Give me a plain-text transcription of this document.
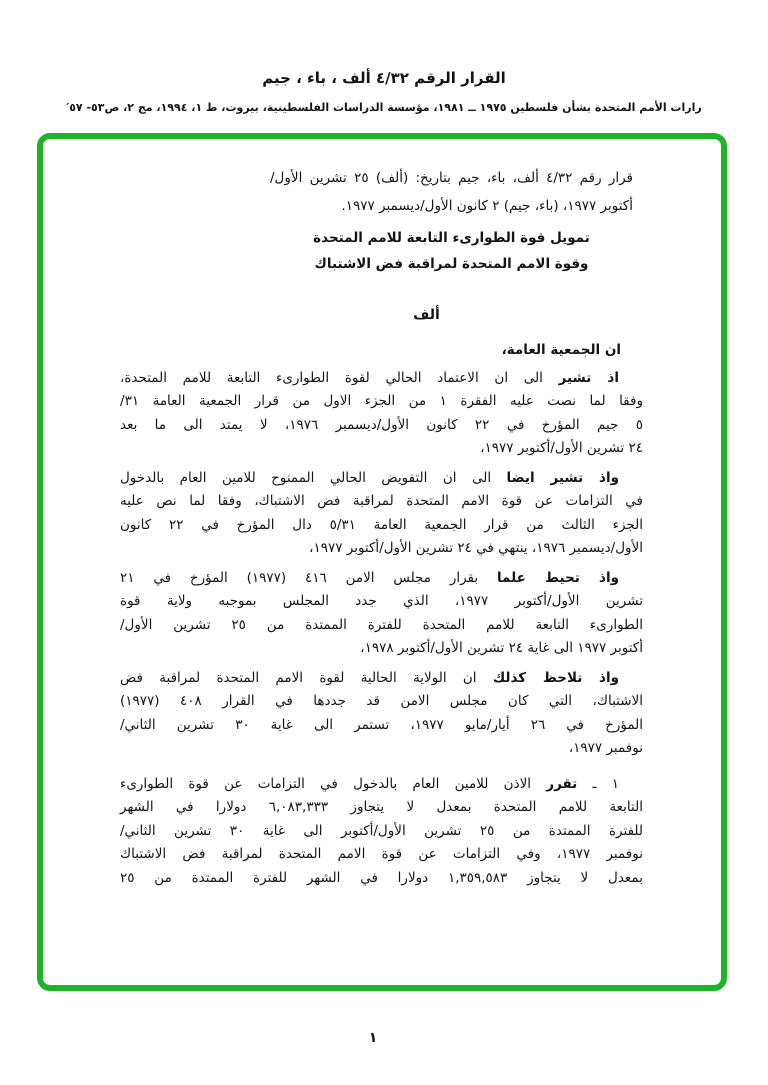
القرار الرقم ٤/٣٢ ألف ، باء ، جيم
رارات الأمم المتحدة بشأن فلسطين ١٩٧٥ ــ ١٩٨١، مؤسسة الدراسات الفلسطينية، بيروت، ط ١، ١٩٩٤، مج ٢، ص٥٣- ٥٧′
قرار رقم ٤/٣٢ ألف، باء، جيم بتاريخ: (ألف) ٢٥ تشرين الأول/
أكتوبر ١٩٧٧، (باء، جيم) ٢ كانون الأول/ديسمبر ١٩٧٧.
تمويل قوة الطوارىء التابعة للامم المتحدة
وقوة الامم المتحدة لمراقبة فض الاشتباك
ألف
ان الجمعية العامة،
اذ تشير الى ان الاعتماد الحالي لقوة الطوارىء التابعة للامم المتحدة،
وفقا لما نصت عليه الفقرة ١ من الجزء الاول من قرار الجمعية العامة ٣١/
٥ جيم المؤرخ في ٢٢ كانون الأول/ديسمبر ١٩٧٦، لا يمتد الى ما بعد
٢٤ تشرين الأول/أكتوبر ١٩٧٧،
واذ تشير ايضا الى ان التفويض الحالي الممنوح للامين العام بالدخول
في التزامات عن قوة الامم المتحدة لمراقبة فض الاشتباك، وفقا لما نص عليه
الجزء الثالث من قرار الجمعية العامة ٥/٣١ دال المؤرخ في ٢٢ كانون
الأول/ديسمبر ١٩٧٦، ينتهي في ٢٤ تشرين الأول/أكتوبر ١٩٧٧،
واذ تحيط علما بقرار مجلس الامن ٤١٦ (١٩٧٧) المؤرخ في ٢١
تشرين الأول/أكتوبر ١٩٧٧، الذي جدد المجلس بموجبه ولاية قوة
الطوارىء التابعة للامم المتحدة للفترة الممتدة من ٢٥ تشرين الأول/
أكتوبر ١٩٧٧ الى غاية ٢٤ تشرين الأول/أكتوبر ١٩٧٨،
واذ تلاحظ كذلك ان الولاية الحالية لقوة الامم المتحدة لمراقبة فض
الاشتباك، التي كان مجلس الامن قد جددها في القرار ٤٠٨ (١٩٧٧)
المؤرخ في ٢٦ أيار/مايو ١٩٧٧، تستمر الى غاية ٣٠ تشرين الثاني/
نوفمبر ١٩٧٧،
١ ـ تقرر الاذن للامين العام بالدخول في التزامات عن قوة الطوارىء
التابعة للامم المتحدة بمعدل لا يتجاوز ٦,٠٨٣,٣٣٣ دولارا في الشهر
للفترة الممتدة من ٢٥ تشرين الأول/أكتوبر الى غاية ٣٠ تشرين الثاني/
نوفمبر ١٩٧٧، وفي التزامات عن قوة الامم المتحدة لمراقبة فض الاشتباك
بمعدل لا يتجاوز ١,٣٥٩,٥٨٣ دولارا في الشهر للفترة الممتدة من ٢٥
١
